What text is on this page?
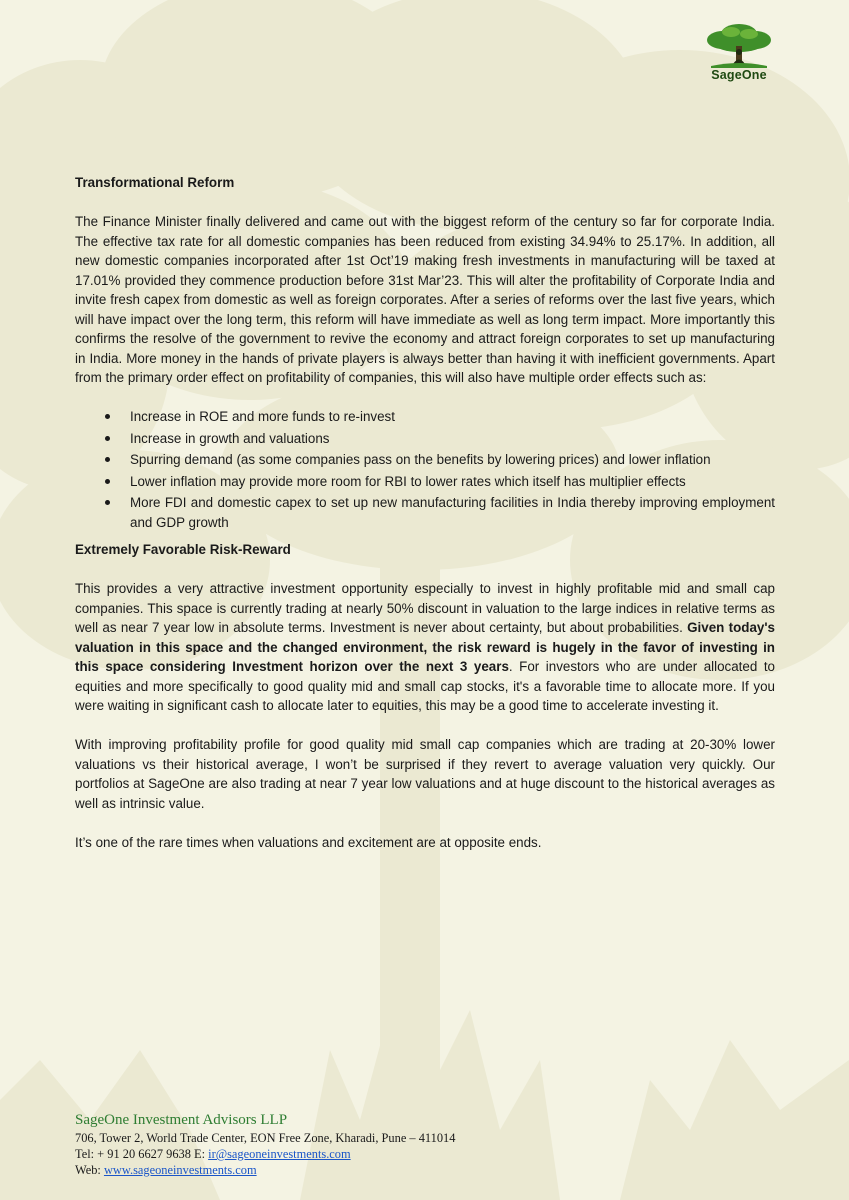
SageOne
Transformational Reform

The Finance Minister finally delivered and came out with the biggest reform of the century so far for corporate India. The effective tax rate for all domestic companies has been reduced from existing 34.94% to 25.17%. In addition, all new domestic companies incorporated after 1st Oct’19 making fresh investments in manufacturing will be taxed at 17.01% provided they commence production before 31st Mar’23. This will alter the profitability of Corporate India and invite fresh capex from domestic as well as foreign corporates. After a series of reforms over the last five years, which will have impact over the long term, this reform will have immediate as well as long term impact. More importantly this confirms the resolve of the government to revive the economy and attract foreign corporates to set up manufacturing in India. More money in the hands of private players is always better than having it with inefficient governments. Apart from the primary order effect on profitability of companies, this will also have multiple order effects such as:

Increase in ROE and more funds to re-invest
Increase in growth and valuations
Spurring demand (as some companies pass on the benefits by lowering prices) and lower inflation
Lower inflation may provide more room for RBI to lower rates which itself has multiplier effects
More FDI and domestic capex to set up new manufacturing facilities in India thereby improving employment and GDP growth
Extremely Favorable Risk-Reward

This provides a very attractive investment opportunity especially to invest in highly profitable mid and small cap companies. This space is currently trading at nearly 50% discount in valuation to the large indices in relative terms as well as near 7 year low in absolute terms. Investment is never about certainty, but about probabilities. Given today's valuation in this space and the changed environment, the risk reward is hugely in the favor of investing in this space considering Investment horizon over the next 3 years. For investors who are under allocated to equities and more specifically to good quality mid and small cap stocks, it's a favorable time to allocate more. If you were waiting in significant cash to allocate later to equities, this may be a good time to accelerate investing it.

With improving profitability profile for good quality mid small cap companies which are trading at 20-30% lower valuations vs their historical average, I won’t be surprised if they revert to average valuation very quickly. Our portfolios at SageOne are also trading at near 7 year low valuations and at huge discount to the historical averages as well as intrinsic value.

It’s one of the rare times when valuations and excitement are at opposite ends.

SageOne Investment Advisors LLP
706, Tower 2, World Trade Center, EON Free Zone, Kharadi, Pune – 411014
Tel: + 91 20 6627 9638 E: ir@sageoneinvestments.com
Web: www.sageoneinvestments.com
